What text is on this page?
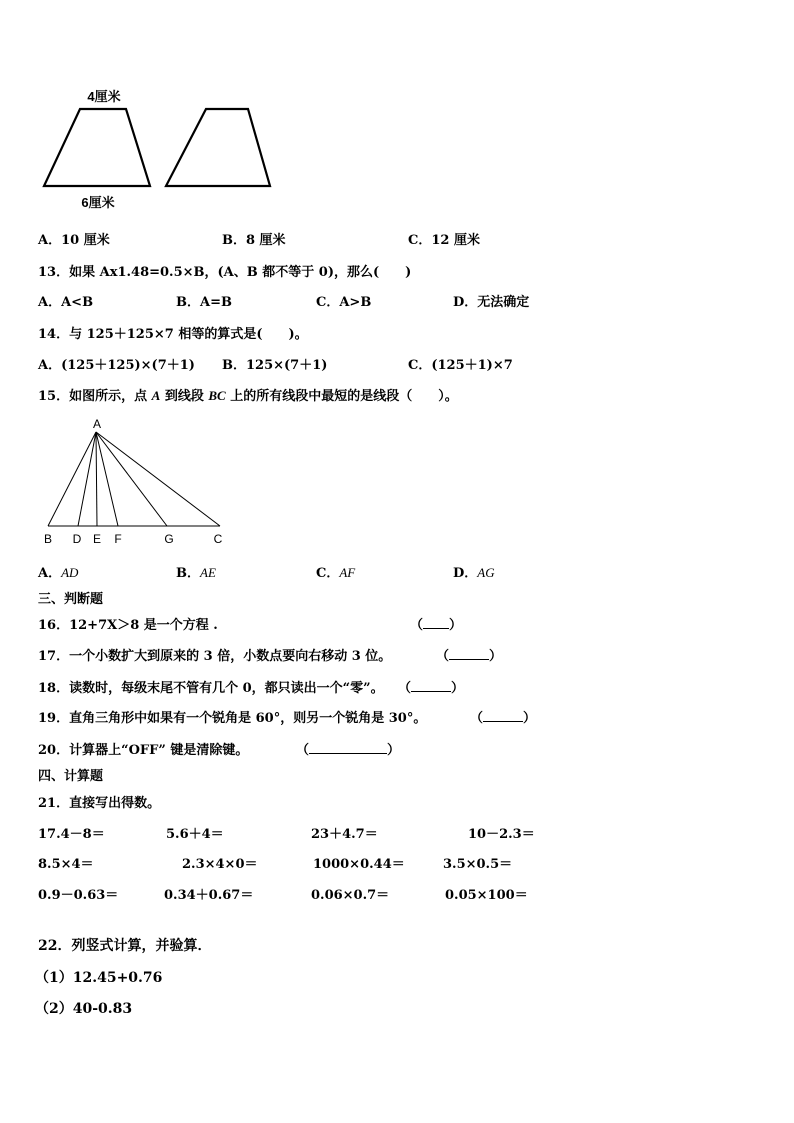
4厘米
6厘米
A．10 厘米	B．8 厘米	C．12 厘米
13．如果 Ax1.48=0.5×B，(A、B 都不等于 0)，那么(　　)
A．A<B	B．A=B	C．A>B	D．无法确定
14．与 125＋125×7 相等的算式是(　　)。
A．(125＋125)×(7＋1) B．125×(7＋1)	C．(125＋1)×7
15．如图所示，点 A 到线段 BC 上的所有线段中最短的是线段（　　）。
A
B D E F	G	C
A．AD	B．AE	C．AF	D．AG
三、判断题
16．12+7X＞8 是一个方程 .	（ ）
17．一个小数扩大到原来的 3 倍，小数点要向右移动 3 位。	（	）
18．读数时，每级末尾不管有几个 0，都只读出一个“零”。 （	）
19．直角三角形中如果有一个锐角是 60°，则另一个锐角是 30°。	（	）
20．计算器上“OFF” 键是清除键。	（	）
四、计算题
21．直接写出得数。
17.4－8＝	5.6＋4＝	23＋4.7＝	10－2.3＝
8.5×4＝	2.3×4×0＝	1000×0.44＝	3.5×0.5＝
0.9－0.63＝	0.34＋0.67＝	0.06×0.7＝	0.05×100＝
22．列竖式计算，并验算．
（1）12.45+0.76
（2）40-0.83
